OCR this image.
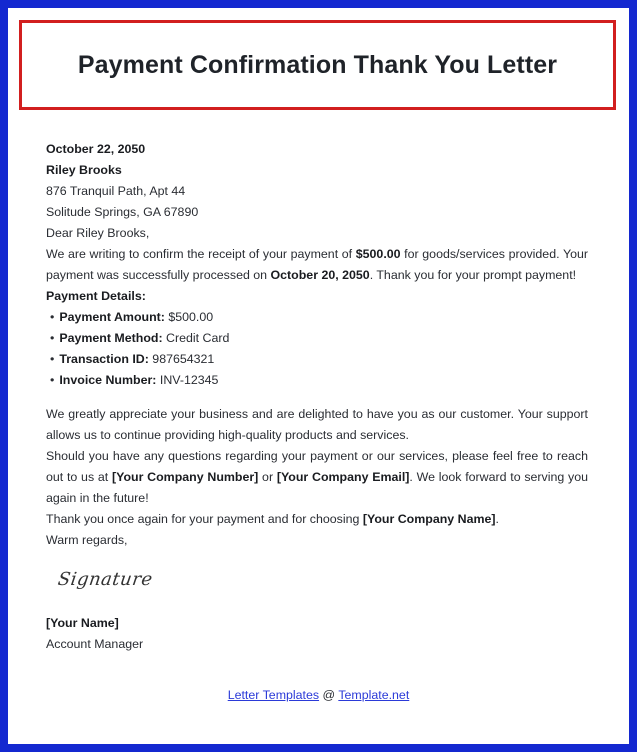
Payment Confirmation Thank You Letter

October 22, 2050

Riley Brooks

876 Tranquil Path, Apt 44

Solitude Springs, GA 67890

Dear Riley Brooks,

We are writing to confirm the receipt of your payment of $500.00 for goods/services provided. Your payment was successfully processed on October 20, 2050. Thank you for your prompt payment!

Payment Details:

• Payment Amount: $500.00
• Payment Method: Credit Card
• Transaction ID: 987654321
• Invoice Number: INV-12345

We greatly appreciate your business and are delighted to have you as our customer. Your support allows us to continue providing high-quality products and services.

Should you have any questions regarding your payment or our services, please feel free to reach out to us at [Your Company Number] or [Your Company Email]. We look forward to serving you again in the future!

Thank you once again for your payment and for choosing [Your Company Name].

Warm regards,

Signature

[Your Name]

Account Manager

Letter Templates @ Template.net
